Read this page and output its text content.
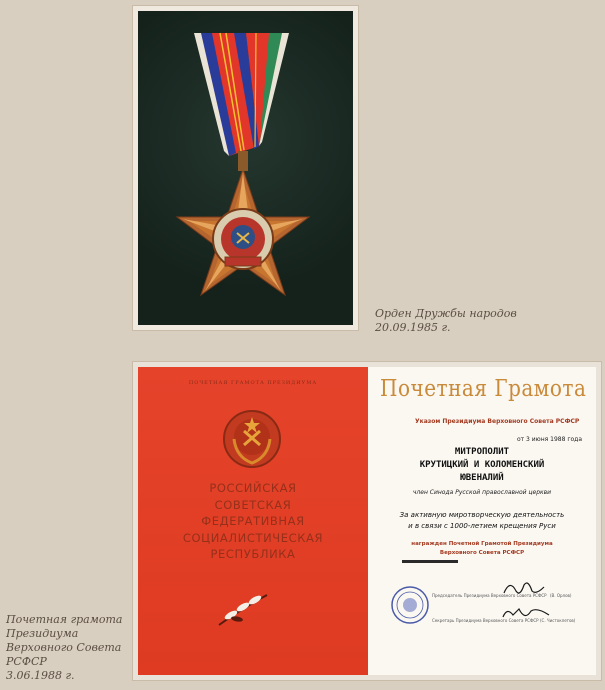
Орден Дружбы народов
20.09.1985 г.
ПОЧЕТНАЯ ГРАМОТА ПРЕЗИДИУМА
РОССИЙСКАЯ
СОВЕТСКАЯ
ФЕДЕРАТИВНАЯ
СОЦИАЛИСТИЧЕСКАЯ
РЕСПУБЛИКА
Почетная Грамота
Указом Президиума Верховного Совета РСФСР
от 3 июня 1988 года
МИТРОПОЛИТ
КРУТИЦКИЙ И КОЛОМЕНСКИЙ
ЮВЕНАЛИЙ
член Синода Русской православной церкви
За активную миротворческую деятельность
и в связи с 1000-летием крещения Руси
награжден Почетной Грамотой Президиума
Верховного Совета РСФСР
Председатель Президиума Верховного Совета РСФСР (В. Орлов)
Секретарь Президиума Верховного Совета РСФСР (С. Чистоклетов)
Почетная грамота
Президиума
Верховного Совета
РСФСР
3.06.1988 г.
